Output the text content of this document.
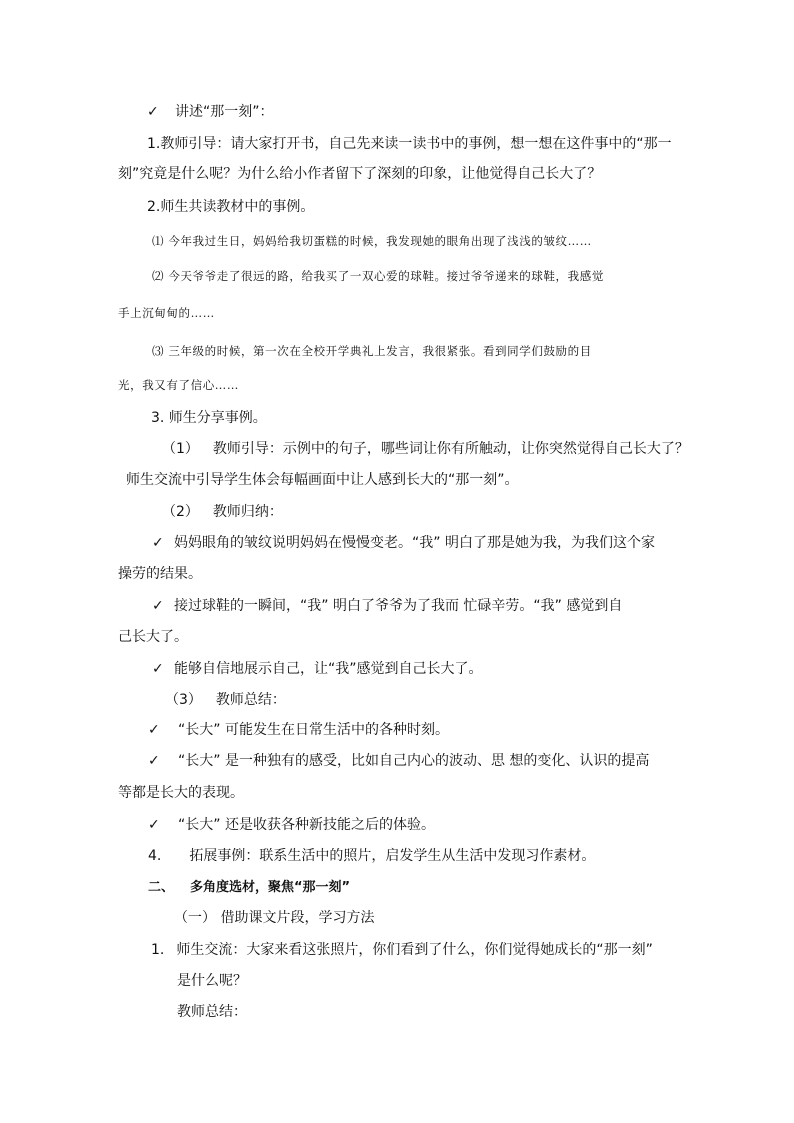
✓ 讲述“那一刻”：
1.教师引导：请大家打开书，自己先来读一读书中的事例，想一想在这件事中的“那一
刻”究竟是什么呢？为什么给小作者留下了深刻的印象，让他觉得自己长大了？
2.师生共读教材中的事例。
⑴ 今年我过生日，妈妈给我切蛋糕的时候，我发现她的眼角出现了浅浅的皱纹……
⑵ 今天爷爷走了很远的路，给我买了一双心爱的球鞋。接过爷爷递来的球鞋，我感觉
手上沉甸甸的……
⑶ 三年级的时候，第一次在全校开学典礼上发言，我很紧张。看到同学们鼓励的目
光，我又有了信心……
3. 师生分享事例。
（1） 教师引导：示例中的句子，哪些词让你有所触动，让你突然觉得自己长大了？
师生交流中引导学生体会每幅画面中让人感到长大的“那一刻”。
（2） 教师归纳：
✓ 妈妈眼角的皱纹说明妈妈在慢慢变老。“我” 明白了那是她为我，为我们这个家
操劳的结果。
✓ 接过球鞋的一瞬间，“我” 明白了爷爷为了我而 忙碌辛劳。“我” 感觉到自
己长大了。
✓ 能够自信地展示自己，让“我”感觉到自己长大了。
（3） 教师总结：
✓ “长大” 可能发生在日常生活中的各种时刻。
✓ “长大” 是一种独有的感受，比如自己内心的波动、思 想的变化、认识的提高
等都是长大的表现。
✓ “长大” 还是收获各种新技能之后的体验。
4. 拓展事例：联系生活中的照片，启发学生从生活中发现习作素材。
二、 多角度选材，聚焦“那一刻”
（一） 借助课文片段，学习方法
1. 师生交流：大家来看这张照片，你们看到了什么，你们觉得她成长的“那一刻”
是什么呢？
教师总结：
